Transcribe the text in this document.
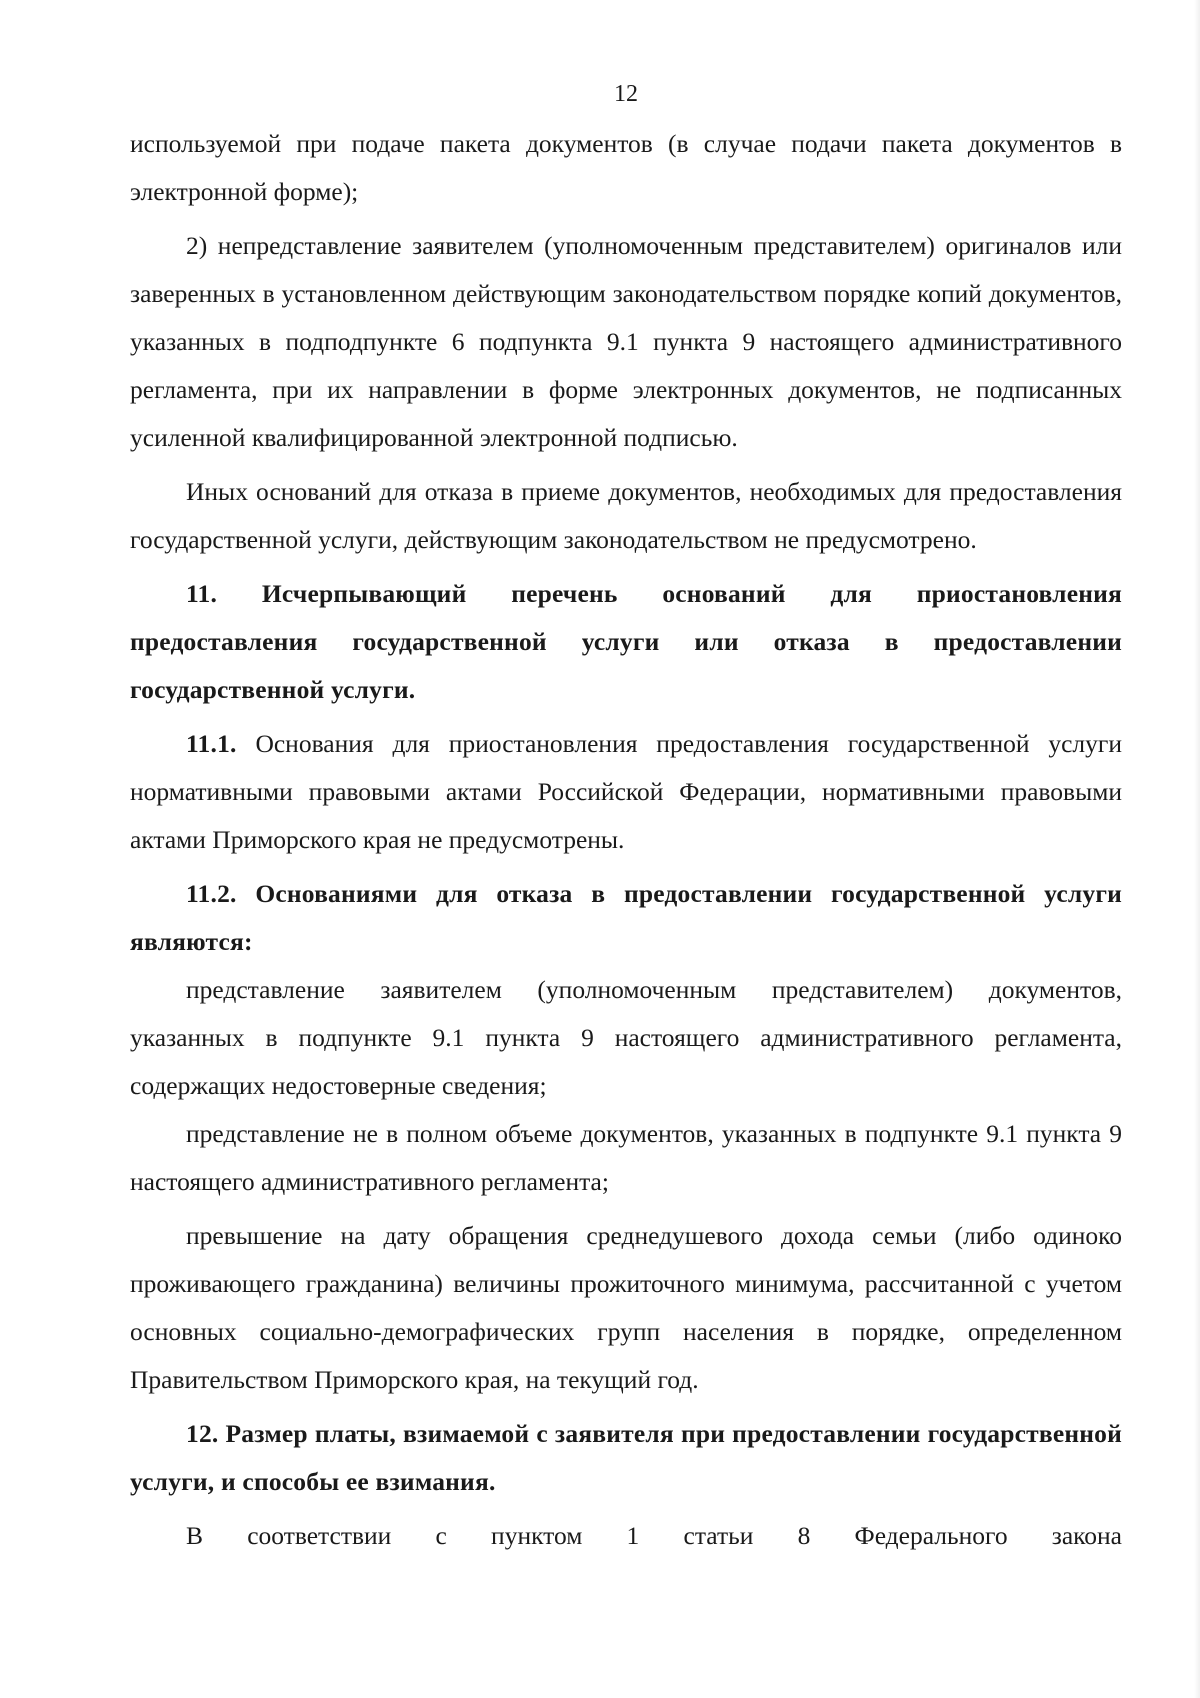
12

используемой при подаче пакета документов (в случае подачи пакета документов в электронной форме);

2) непредставление заявителем (уполномоченным представителем) оригиналов или заверенных в установленном действующим законодательством порядке копий документов, указанных в подподпункте 6 подпункта 9.1 пункта 9 настоящего административного регламента, при их направлении в форме электронных документов, не подписанных усиленной квалифицированной электронной подписью.

Иных оснований для отказа в приеме документов, необходимых для предоставления государственной услуги, действующим законодательством не предусмотрено.

11. Исчерпывающий перечень оснований для приостановления предоставления государственной услуги или отказа в предоставлении государственной услуги.

11.1. Основания для приостановления предоставления государственной услуги нормативными правовыми актами Российской Федерации, нормативными правовыми актами Приморского края не предусмотрены.

11.2. Основаниями для отказа в предоставлении государственной услуги являются:

представление заявителем (уполномоченным представителем) документов, указанных в подпункте 9.1 пункта 9 настоящего административного регламента, содержащих недостоверные сведения;

представление не в полном объеме документов, указанных в подпункте 9.1 пункта 9 настоящего административного регламента;

превышение на дату обращения среднедушевого дохода семьи (либо одиноко проживающего гражданина) величины прожиточного минимума, рассчитанной с учетом основных социально-демографических групп населения в порядке, определенном Правительством Приморского края, на текущий год.

12. Размер платы, взимаемой с заявителя при предоставлении государственной услуги, и способы ее взимания.

В соответствии с пунктом 1 статьи 8 Федерального закона
